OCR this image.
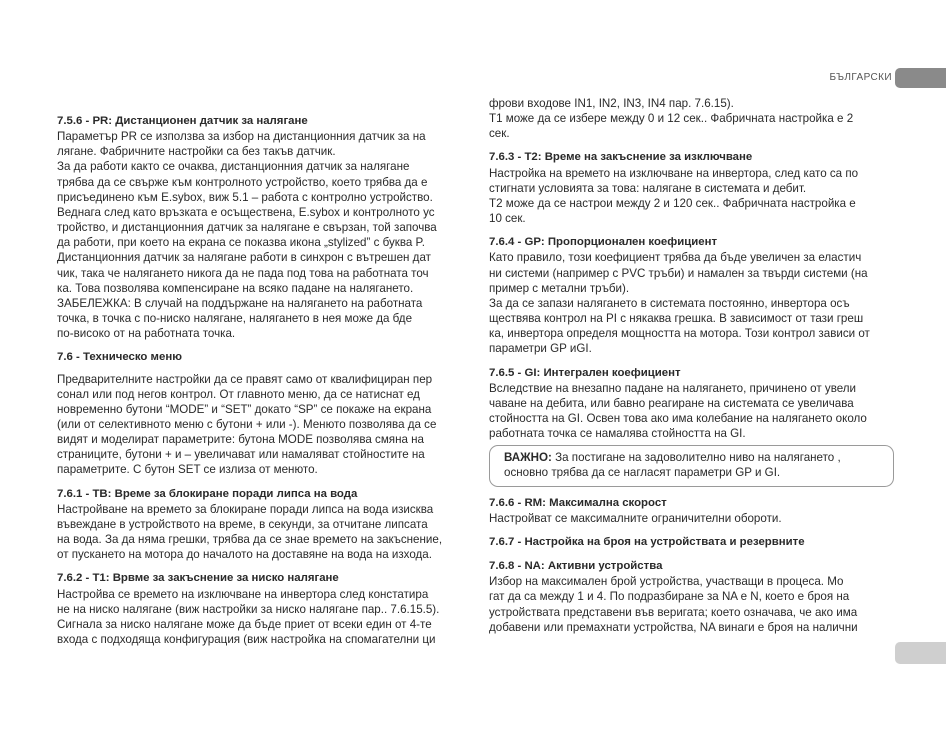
БЪЛГАРСКИ
7.5.6 - PR: Дистанционен датчик за налягане

Параметър PR се използва за избор на дистанционния датчик за на

лягане. Фабричните настройки са без такъв датчик.

За да работи както се очаква, дистанционния датчик за налягане

трябва да се свърже към контролното устройство, което трябва да е

присъединено към E.sybox, виж 5.1 – работа с контролно устройство.

Веднага след като връзката е осъществена, E.sybox и контролното ус

тройство, и дистанционния датчик за налягане е свързан, той започва

да работи, при което на екрана се показва икона „stylized” с буква P.

Дистанционния датчик за налягане работи в синхрон с вътрешен дат

чик, така че налягането никога да не пада под това на работната точ

ка. Това позволява компенсиране на всяко падане на налягането.

ЗАБЕЛЕЖКА: В случай на поддържане на налягането на работната

точка, в точка с по-ниско налягане, налягането в нея може да бде

по-високо от на работната точка.

7.6 - Техническо меню

Предварителните настройки да се правят само от квалифициран пер

сонал или под негов контрол. От главното меню, да се натиснат ед

новременно бутони “MODE” и “SET” докато “SP” се покаже на екрана

(или от селективното меню с бутони + или -). Менюто позволява да се

видят и моделират параметрите: бутона MODE позволява смяна на

страниците, бутони + и – увеличават или намаляват стойностите на

параметрите. С бутон SET се излиза от менюто.

7.6.1 - TB: Време за блокиране поради липса на вода

Настройване на времето за блокиране поради липса на вода изисква

въвеждане в устройството на време, в секунди, за отчитане липсата

на вода. За да няма грешки, трябва да се знае времето на закъснение,

от пускането на мотора до началото на доставяне на вода на изхода.

7.6.2 - T1: Врвме за закъснение за ниско налягане

Настройва се времето на изключване на инвертора след констатира

не на ниско налягане (виж настройки за ниско налягане пар.. 7.6.15.5).

Сигнала за ниско налягане може да бъде приет от всеки един от 4-те

входа с подходяща конфигурация (виж настройка на спомагателни ци

фрови входове IN1, IN2, IN3, IN4 пар. 7.6.15).

T1 може да се избере между 0 и 12 сек.. Фабричната настройка е 2

сек.

7.6.3 - T2: Време на закъснение за изключване

Настройка на времето на изключване на инвертора, след като са по

стигнати условията за това: налягане в системата и дебит.

T2 може да се настрои между 2 и 120 сек.. Фабричната настройка е

10 сек.

7.6.4 - GP: Пропорционален коефициент

Като правило, този коефициент трябва да бъде увеличен за еластич

ни системи (например с PVC тръби) и намален за твърди системи (на

пример с метални тръби).

За да се запази налягането в системата постоянно, инвертора осъ

ществява контрол на PI с някаква грешка. В зависимост от тази греш

ка, инвертора определя мощността на мотора. Този контрол зависи от

параметри GP иGI.

7.6.5 - GI: Интегрален коефициент

Вследствие на внезапно падане на налягането, причинено от увели

чаване на дебита, или бавно реагиране на системата се увеличава

стойността на GI. Освен това ако има колебание на налягането около

работната точка се намалява стойността на GI.

ВАЖНО: За постигане на задоволително ниво на налягането ,

основно трябва да се нагласят параметри GP и GI.

7.6.6 - RM: Максимална скорост

Настройват се максималните ограничителни обороти.

7.6.7 - Настройка на броя на устройствата и резервните
7.6.8 - NA: Активни устройства

Избор на максимален брой устройства, участващи в процеса. Мо

гат да са между 1 и 4. По подразбиране за NA е N, което е броя на

устройствата представени във веригата; което означава, че ако има

добавени или премахнати устройства, NA винаги е броя на налични
